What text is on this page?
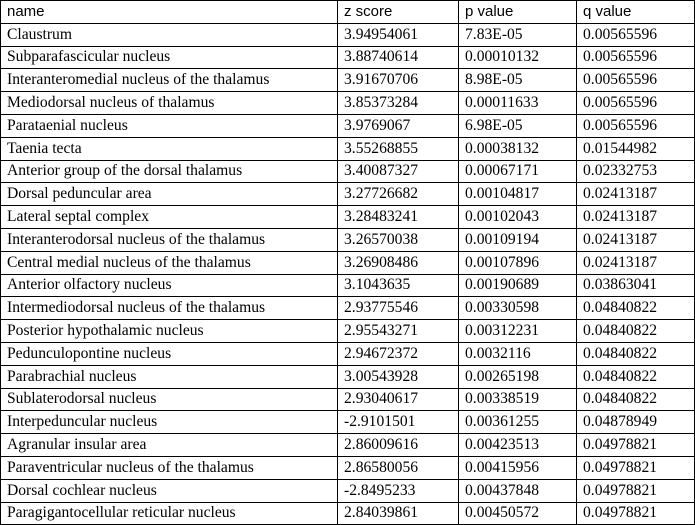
name	z score	p value	q value
Claustrum	3.94954061	7.83E-05	0.00565596
Subparafascicular nucleus	3.88740614	0.00010132	0.00565596
Interanteromedial nucleus of the thalamus	3.91670706	8.98E-05	0.00565596
Mediodorsal nucleus of thalamus	3.85373284	0.00011633	0.00565596
Parataenial nucleus	3.9769067	6.98E-05	0.00565596
Taenia tecta	3.55268855	0.00038132	0.01544982
Anterior group of the dorsal thalamus	3.40087327	0.00067171	0.02332753
Dorsal peduncular area	3.27726682	0.00104817	0.02413187
Lateral septal complex	3.28483241	0.00102043	0.02413187
Interanterodorsal nucleus of the thalamus	3.26570038	0.00109194	0.02413187
Central medial nucleus of the thalamus	3.26908486	0.00107896	0.02413187
Anterior olfactory nucleus	3.1043635	0.00190689	0.03863041
Intermediodorsal nucleus of the thalamus	2.93775546	0.00330598	0.04840822
Posterior hypothalamic nucleus	2.95543271	0.00312231	0.04840822
Pedunculopontine nucleus	2.94672372	0.0032116	0.04840822
Parabrachial nucleus	3.00543928	0.00265198	0.04840822
Sublaterodorsal nucleus	2.93040617	0.00338519	0.04840822
Interpeduncular nucleus	-2.9101501	0.00361255	0.04878949
Agranular insular area	2.86009616	0.00423513	0.04978821
Paraventricular nucleus of the thalamus	2.86580056	0.00415956	0.04978821
Dorsal cochlear nucleus	-2.8495233	0.00437848	0.04978821
Paragigantocellular reticular nucleus	2.84039861	0.00450572	0.04978821
